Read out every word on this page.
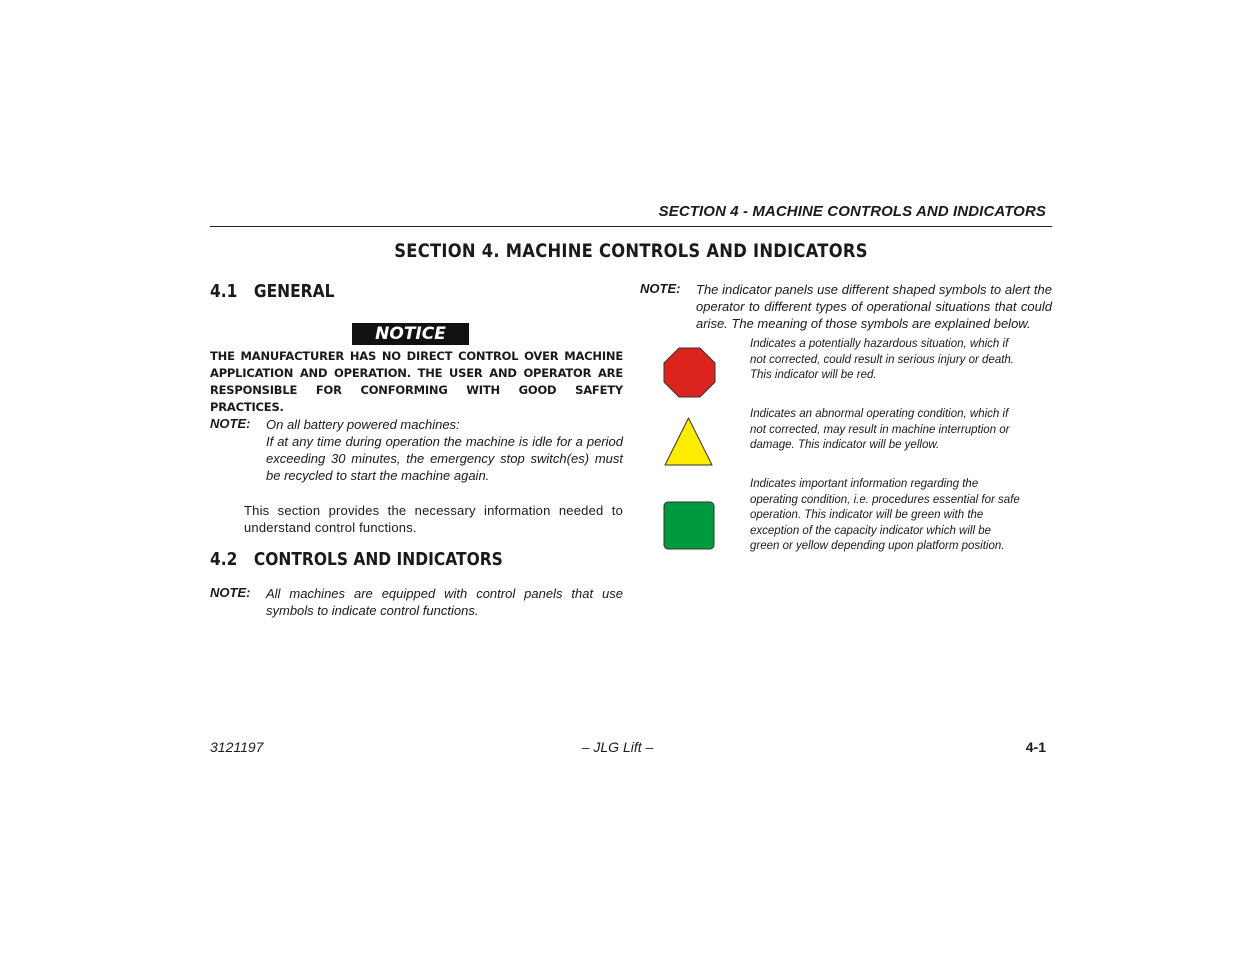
SECTION 4 - MACHINE CONTROLS AND INDICATORS
SECTION 4. MACHINE CONTROLS AND INDICATORS
4.1 GENERAL
NOTICE
THE MANUFACTURER HAS NO DIRECT CONTROL OVER MACHINE APPLICATION AND OPERATION. THE USER AND OPERATOR ARE RESPONSIBLE FOR CONFORMING WITH GOOD SAFETY PRACTICES.
NOTE: On all battery powered machines:
If at any time during operation the machine is idle for a period exceeding 30 minutes, the emergency stop switch(es) must be recycled to start the machine again.
This section provides the necessary information needed to understand control functions.
4.2 CONTROLS AND INDICATORS
NOTE: All machines are equipped with control panels that use symbols to indicate control functions.
NOTE: The indicator panels use different shaped symbols to alert the operator to different types of operational situations that could arise. The meaning of those symbols are explained below.
Indicates a potentially hazardous situation, which if not corrected, could result in serious injury or death. This indicator will be red.
Indicates an abnormal operating condition, which if not corrected, may result in machine interruption or damage. This indicator will be yellow.
Indicates important information regarding the operating condition, i.e. procedures essential for safe operation. This indicator will be green with the exception of the capacity indicator which will be green or yellow depending upon platform position.
3121197	– JLG Lift –	4-1
